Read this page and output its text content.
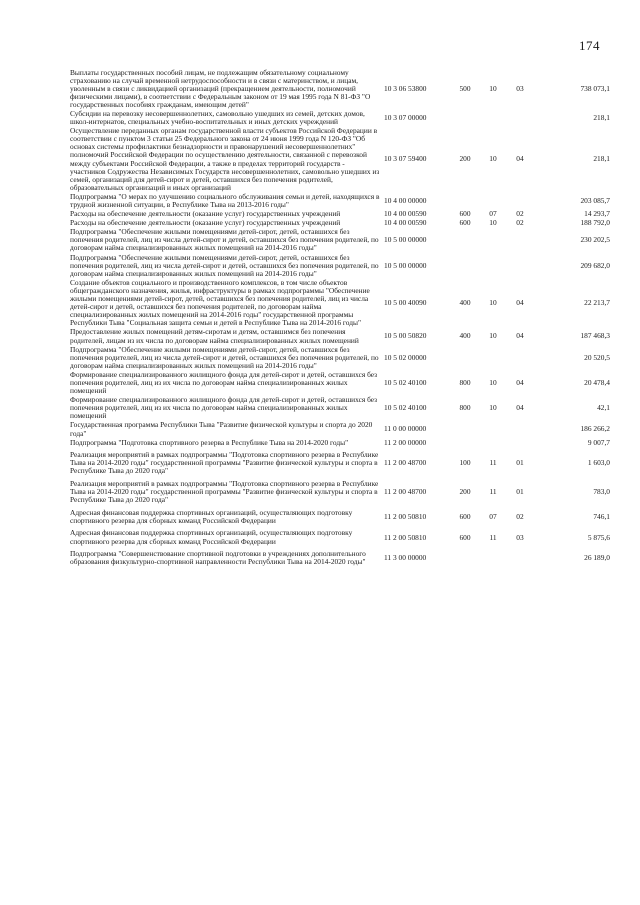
174
Выплаты государственных пособий лицам, не подлежащим обязательному социальному страхованию на случай временной нетрудоспособности и в связи с материнством, и лицам, уволенным в связи с ликвидацией организаций (прекращением деятельности, полномочий физическими лицами), в соответствии с Федеральным законом от 19 мая 1995 года N 81-ФЗ "О государственных пособиях гражданам, имеющим детей"	10 3 06 53800	500	10	03	738 073,1
Субсидии на перевозку несовершеннолетних, самовольно ушедших из семей, детских домов, школ-интернатов, специальных учебно-воспитательных и иных детских учреждений	10 3 07 00000				218,1
Осуществление переданных органам государственной власти субъектов Российской Федерации в соответствии с пунктом 3 статьи 25 Федерального закона от 24 июня 1999 года N 120-ФЗ "Об основах системы профилактики безнадзорности и правонарушений несовершеннолетних" полномочий Российской Федерации по осуществлению деятельности, связанной с перевозкой между субъектами Российской Федерации, а также в пределах территорий государств - участников Содружества Независимых Государств несовершеннолетних, самовольно ушедших из семей, организаций для детей-сирот и детей, оставшихся без попечения родителей, образовательных организаций и иных организаций	10 3 07 59400	200	10	04	218,1
Подпрограмма "О мерах по улучшению социального обслуживания семьи и детей, находящихся в трудной жизненной ситуации, в Республике Тыва на 2013-2016 годы"	10 4 00 00000				203 085,7
Расходы на обеспечение деятельности (оказание услуг) государственных учреждений	10 4 00 00590	600	07	02	14 293,7
Расходы на обеспечение деятельности (оказание услуг) государственных учреждений	10 4 00 00590	600	10	02	188 792,0
Подпрограмма "Обеспечение жилыми помещениями детей-сирот, детей, оставшихся без попечения родителей, лиц из числа детей-сирот и детей, оставшихся без попечения родителей, по договорам найма специализированных жилых помещений на 2014-2016 годы"	10 5 00 00000				230 202,5
Подпрограмма "Обеспечение жилыми помещениями детей-сирот, детей, оставшихся без попечения родителей, лиц из числа детей-сирот и детей, оставшихся без попечения родителей, по договорам найма специализированных жилых помещений на 2014-2016 годы"	10 5 00 00000				209 682,0
Создание объектов социального и производственного комплексов, в том числе объектов общегражданского назначения, жилья, инфраструктуры в рамках подпрограммы "Обеспечение жилыми помещениями детей-сирот, детей, оставшихся без попечения родителей, лиц из числа детей-сирот и детей, оставшихся без попечения родителей, по договорам найма специализированных жилых помещений на 2014-2016 годы" государственной программы Республики Тыва "Социальная защита семьи и детей в Республике Тыва на 2014-2016 годы"	10 5 00 40090	400	10	04	22 213,7
Предоставление жилых помещений детям-сиротам и детям, оставшимся без попечения родителей, лицам из их числа по договорам найма специализированных жилых помещений	10 5 00 50820	400	10	04	187 468,3
Подпрограмма "Обеспечение жилыми помещениями детей-сирот, детей, оставшихся без попечения родителей, лиц из числа детей-сирот и детей, оставшихся без попечения родителей, по договорам найма специализированных жилых помещений на 2014-2016 годы"	10 5 02 00000				20 520,5
Формирование специализированного жилищного фонда для детей-сирот и детей, оставшихся без попечения родителей, лиц из их числа по договорам найма специализированных жилых помещений	10 5 02 40100	800	10	04	20 478,4
Формирование специализированного жилищного фонда для детей-сирот и детей, оставшихся без попечения родителей, лиц из их числа по договорам найма специализированных жилых помещений	10 5 02 40100	800	10	04	42,1
Государственная программа Республики Тыва "Развитие физической культуры и спорта до 2020 года"	11 0 00 00000				186 266,2
Подпрограмма "Подготовка спортивного резерва в Республике Тыва на 2014-2020 годы"	11 2 00 00000				9 007,7
Реализация мероприятий в рамках подпрограммы "Подготовка спортивного резерва в Республике Тыва на 2014-2020 годы" государственной программы "Развитие физической культуры и спорта в Республике Тыва до 2020 года"	11 2 00 48700	100	11	01	1 603,0
Реализация мероприятий в рамках подпрограммы "Подготовка спортивного резерва в Республике Тыва на 2014-2020 годы" государственной программы "Развитие физической культуры и спорта в Республике Тыва до 2020 года"	11 2 00 48700	200	11	01	783,0
Адресная финансовая поддержка спортивных организаций, осуществляющих подготовку спортивного резерва для сборных команд Российской Федерации	11 2 00 50810	600	07	02	746,1
Адресная финансовая поддержка спортивных организаций, осуществляющих подготовку спортивного резерва для сборных команд Российской Федерации	11 2 00 50810	600	11	03	5 875,6
Подпрограмма "Совершенствование спортивной подготовки в учреждениях дополнительного образования физкультурно-спортивной направленности Республики Тыва на 2014-2020 годы"	11 3 00 00000				26 189,0
